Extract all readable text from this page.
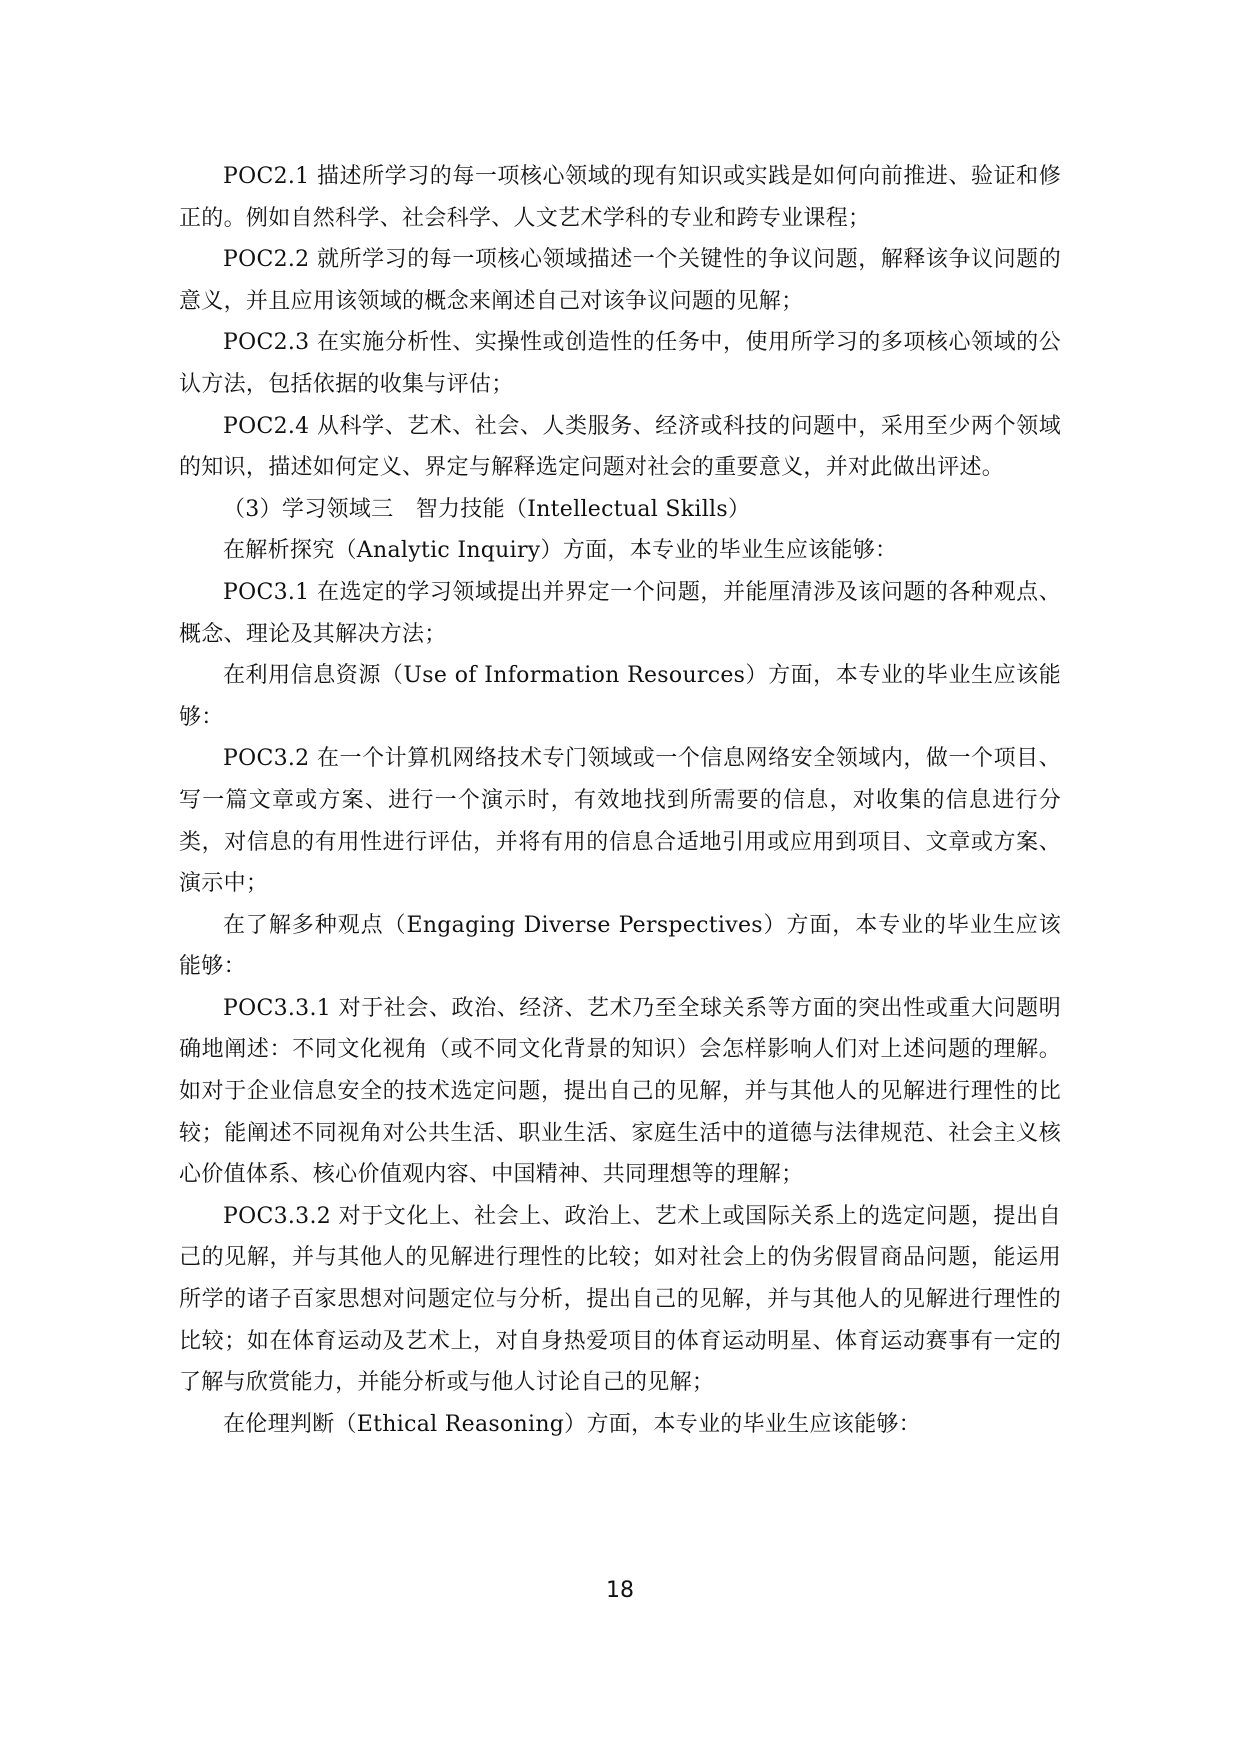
POC2.1 描述所学习的每一项核心领域的现有知识或实践是如何向前推进、验证和修正的。例如自然科学、社会科学、人文艺术学科的专业和跨专业课程；

POC2.2 就所学习的每一项核心领域描述一个关键性的争议问题，解释该争议问题的意义，并且应用该领域的概念来阐述自己对该争议问题的见解；

POC2.3 在实施分析性、实操性或创造性的任务中，使用所学习的多项核心领域的公认方法，包括依据的收集与评估；

POC2.4 从科学、艺术、社会、人类服务、经济或科技的问题中，采用至少两个领域的知识，描述如何定义、界定与解释选定问题对社会的重要意义，并对此做出评述。

（3）学习领域三　智力技能（Intellectual Skills）

在解析探究（Analytic Inquiry）方面，本专业的毕业生应该能够：

POC3.1 在选定的学习领域提出并界定一个问题，并能厘清涉及该问题的各种观点、概念、理论及其解决方法；

在利用信息资源（Use of Information Resources）方面，本专业的毕业生应该能够：

POC3.2 在一个计算机网络技术专门领域或一个信息网络安全领域内，做一个项目、写一篇文章或方案、进行一个演示时，有效地找到所需要的信息，对收集的信息进行分类，对信息的有用性进行评估，并将有用的信息合适地引用或应用到项目、文章或方案、演示中；

在了解多种观点（Engaging Diverse Perspectives）方面，本专业的毕业生应该能够：

POC3.3.1 对于社会、政治、经济、艺术乃至全球关系等方面的突出性或重大问题明确地阐述：不同文化视角（或不同文化背景的知识）会怎样影响人们对上述问题的理解。如对于企业信息安全的技术选定问题，提出自己的见解，并与其他人的见解进行理性的比较；能阐述不同视角对公共生活、职业生活、家庭生活中的道德与法律规范、社会主义核心价值体系、核心价值观内容、中国精神、共同理想等的理解；

POC3.3.2 对于文化上、社会上、政治上、艺术上或国际关系上的选定问题，提出自己的见解，并与其他人的见解进行理性的比较；如对社会上的伪劣假冒商品问题，能运用所学的诸子百家思想对问题定位与分析，提出自己的见解，并与其他人的见解进行理性的比较；如在体育运动及艺术上，对自身热爱项目的体育运动明星、体育运动赛事有一定的了解与欣赏能力，并能分析或与他人讨论自己的见解；

在伦理判断（Ethical Reasoning）方面，本专业的毕业生应该能够：

18
